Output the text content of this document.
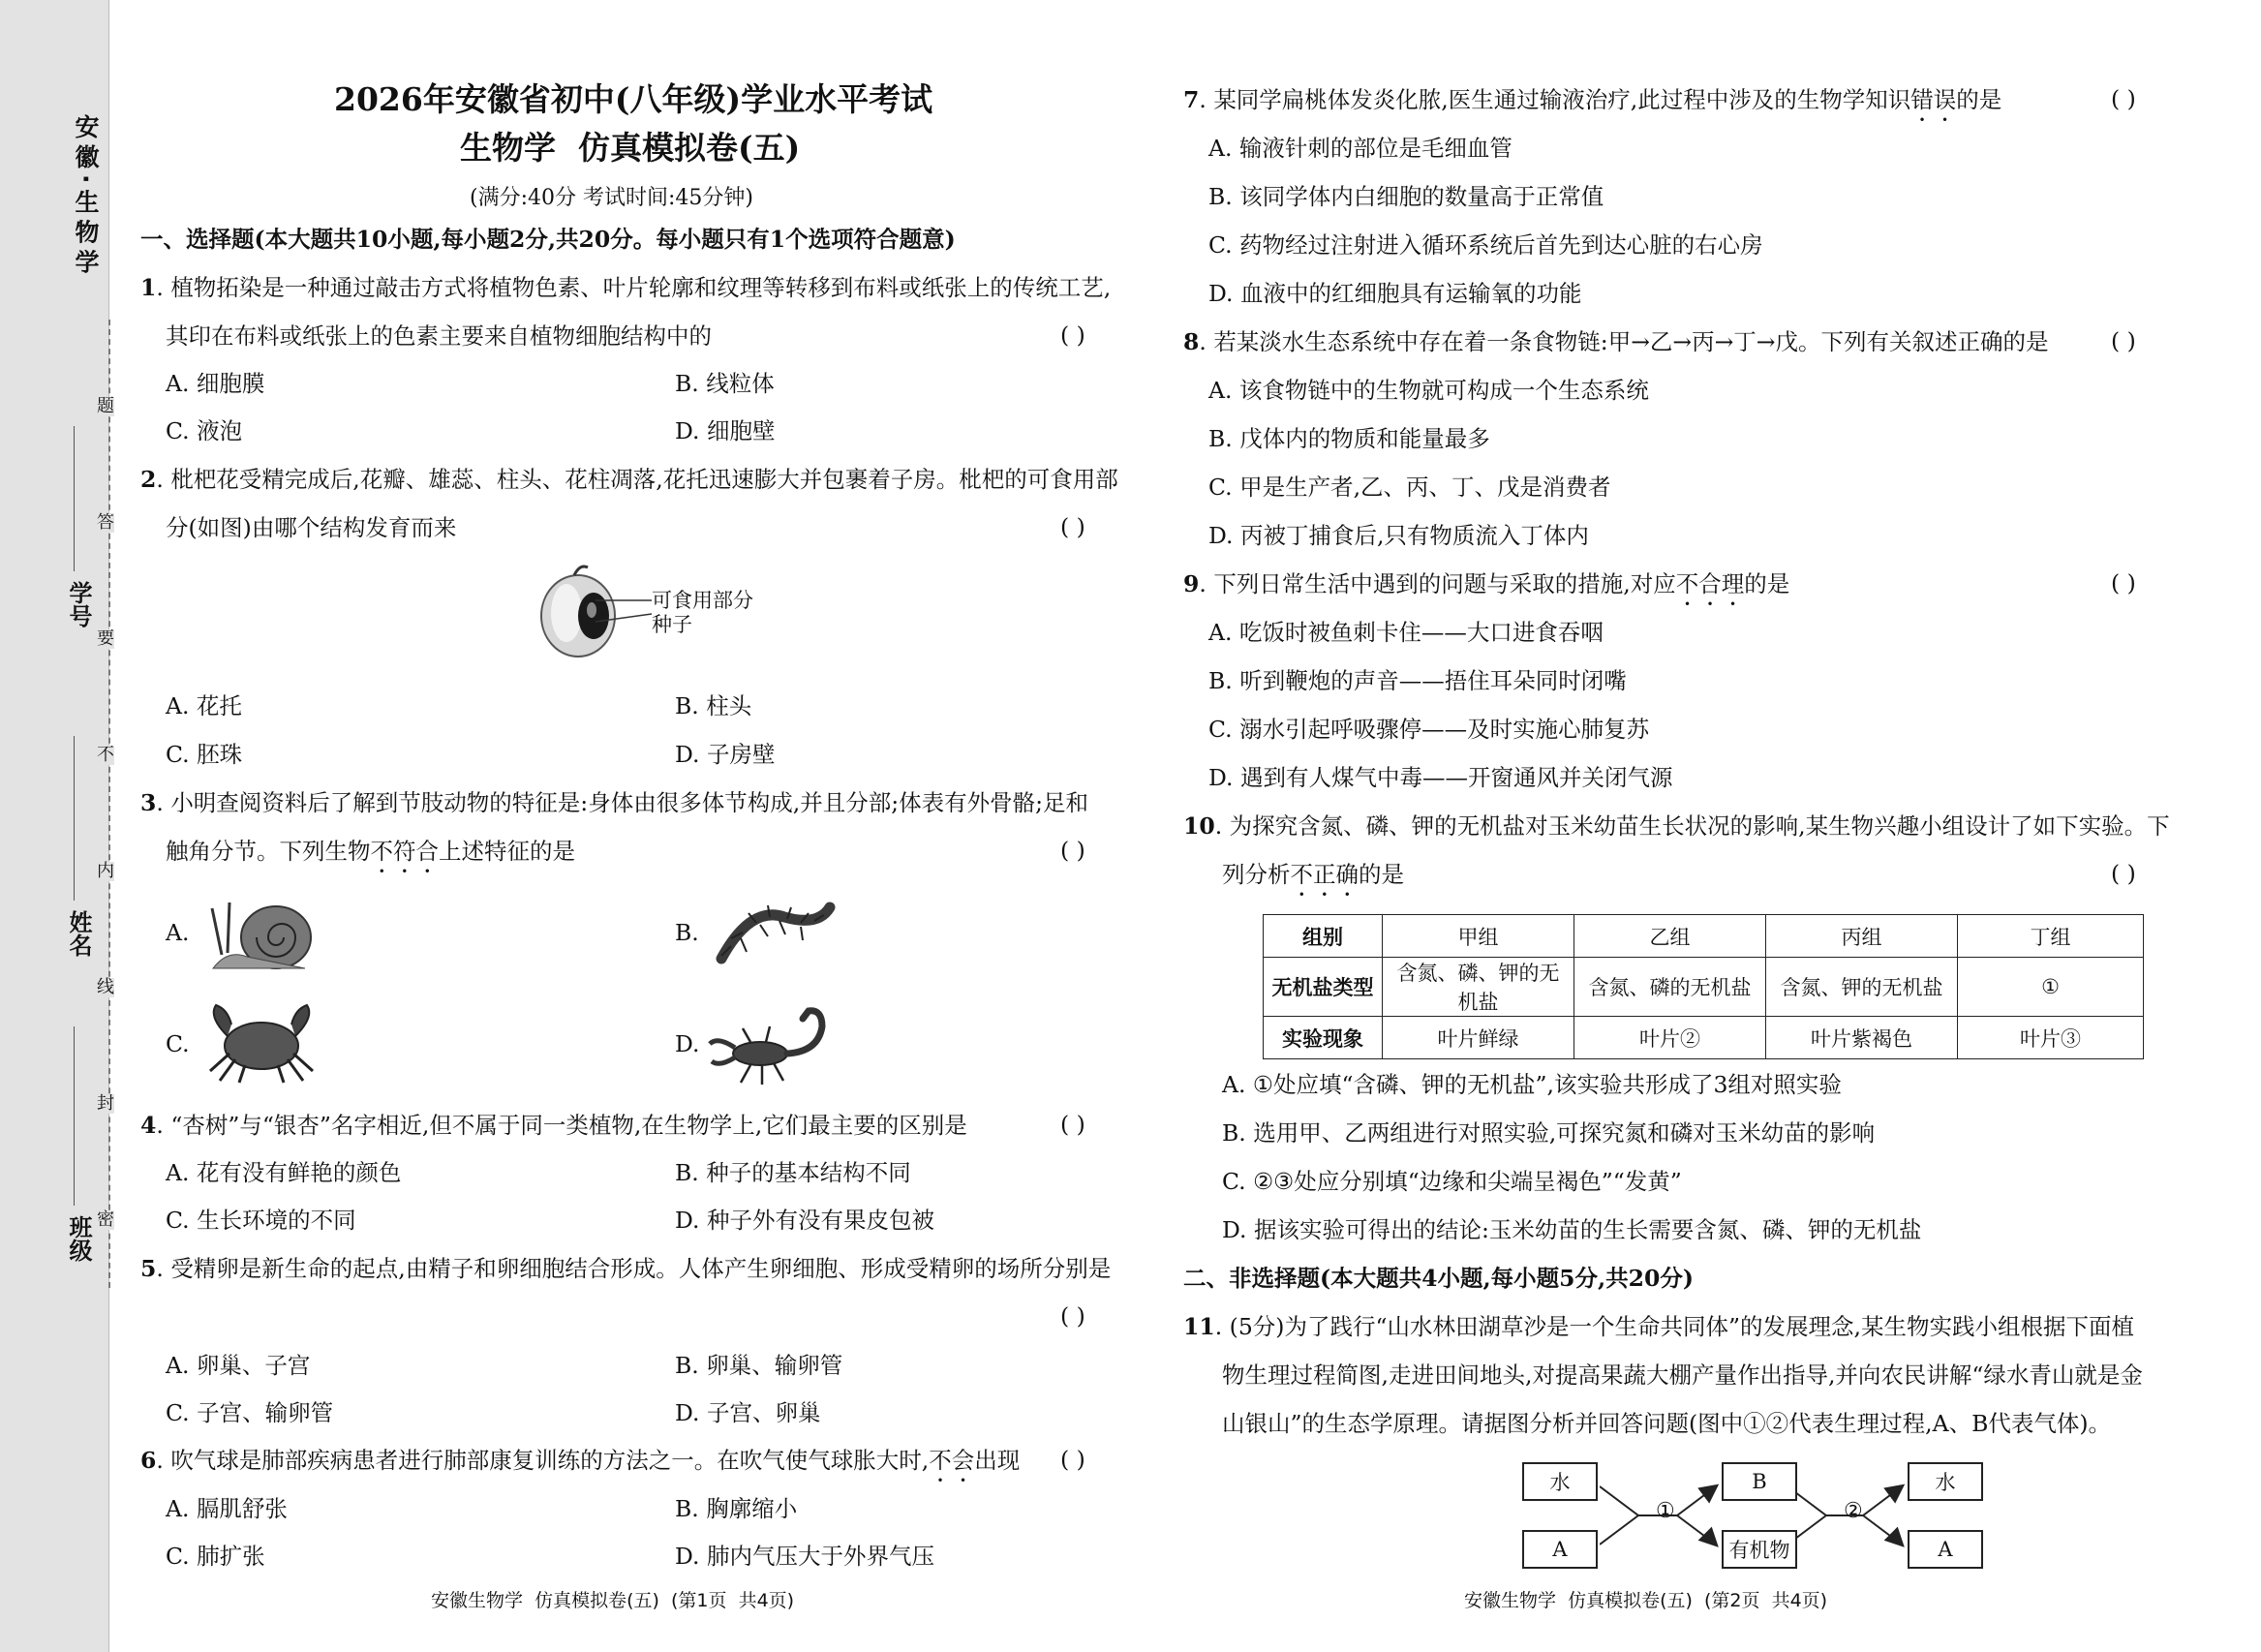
安徽·生物学
学号
姓名
班级
题
答
要
不
内
线
封
密
2026年安徽省初中(八年级)学业水平考试
生物学  仿真模拟卷(五)
(满分:40分 考试时间:45分钟)
一、选择题(本大题共10小题,每小题2分,共20分。每小题只有1个选项符合题意)
1. 植物拓染是一种通过敲击方式将植物色素、叶片轮廓和纹理等转移到布料或纸张上的传统工艺,
其印在布料或纸张上的色素主要来自植物细胞结构中的	( )
A. 细胞膜	B. 线粒体
C. 液泡	D. 细胞壁
2. 枇杷花受精完成后,花瓣、雄蕊、柱头、花柱凋落,花托迅速膨大并包裹着子房。枇杷的可食用部
分(如图)由哪个结构发育而来	( )
可食用部分
种子
A. 花托	B. 柱头
C. 胚珠	D. 子房壁
3. 小明查阅资料后了解到节肢动物的特征是:身体由很多体节构成,并且分部;体表有外骨骼;足和
触角分节。下列生物不符合上述特征的是	( )
A.	B.
C.	D.
4. “杏树”与“银杏”名字相近,但不属于同一类植物,在生物学上,它们最主要的区别是	( )
A. 花有没有鲜艳的颜色	B. 种子的基本结构不同
C. 生长环境的不同	D. 种子外有没有果皮包被
5. 受精卵是新生命的起点,由精子和卵细胞结合形成。人体产生卵细胞、形成受精卵的场所分别是
( )
A. 卵巢、子宫	B. 卵巢、输卵管
C. 子宫、输卵管	D. 子宫、卵巢
6. 吹气球是肺部疾病患者进行肺部康复训练的方法之一。在吹气使气球胀大时,不会出现 ( )
A. 膈肌舒张	B. 胸廓缩小
C. 肺扩张	D. 肺内气压大于外界气压
安徽生物学  仿真模拟卷(五)  (第1页  共4页)
7. 某同学扁桃体发炎化脓,医生通过输液治疗,此过程中涉及的生物学知识错误的是	( )
A. 输液针刺的部位是毛细血管
B. 该同学体内白细胞的数量高于正常值
C. 药物经过注射进入循环系统后首先到达心脏的右心房
D. 血液中的红细胞具有运输氧的功能
8. 若某淡水生态系统中存在着一条食物链:甲→乙→丙→丁→戊。下列有关叙述正确的是	( )
A. 该食物链中的生物就可构成一个生态系统
B. 戊体内的物质和能量最多
C. 甲是生产者,乙、丙、丁、戊是消费者
D. 丙被丁捕食后,只有物质流入丁体内
9. 下列日常生活中遇到的问题与采取的措施,对应不合理的是	( )
A. 吃饭时被鱼刺卡住——大口进食吞咽
B. 听到鞭炮的声音——捂住耳朵同时闭嘴
C. 溺水引起呼吸骤停——及时实施心肺复苏
D. 遇到有人煤气中毒——开窗通风并关闭气源
10. 为探究含氮、磷、钾的无机盐对玉米幼苗生长状况的影响,某生物兴趣小组设计了如下实验。下
列分析不正确的是	( )
组别	甲组	乙组	丙组	丁组
无机盐类型	含氮、磷、钾的无机盐	含氮、磷的无机盐	含氮、钾的无机盐	①
实验现象	叶片鲜绿	叶片②	叶片紫褐色	叶片③
A. ①处应填“含磷、钾的无机盐”,该实验共形成了3组对照实验
B. 选用甲、乙两组进行对照实验,可探究氮和磷对玉米幼苗的影响
C. ②③处应分别填“边缘和尖端呈褐色”“发黄”
D. 据该实验可得出的结论:玉米幼苗的生长需要含氮、磷、钾的无机盐
二、非选择题(本大题共4小题,每小题5分,共20分)
11. (5分)为了践行“山水林田湖草沙是一个生命共同体”的发展理念,某生物实践小组根据下面植
物生理过程简图,走进田间地头,对提高果蔬大棚产量作出指导,并向农民讲解“绿水青山就是金
山银山”的生态学原理。请据图分析并回答问题(图中①②代表生理过程,A、B代表气体)。
水
A
①
B
有机物
②
水
A
安徽生物学  仿真模拟卷(五)  (第2页  共4页)
